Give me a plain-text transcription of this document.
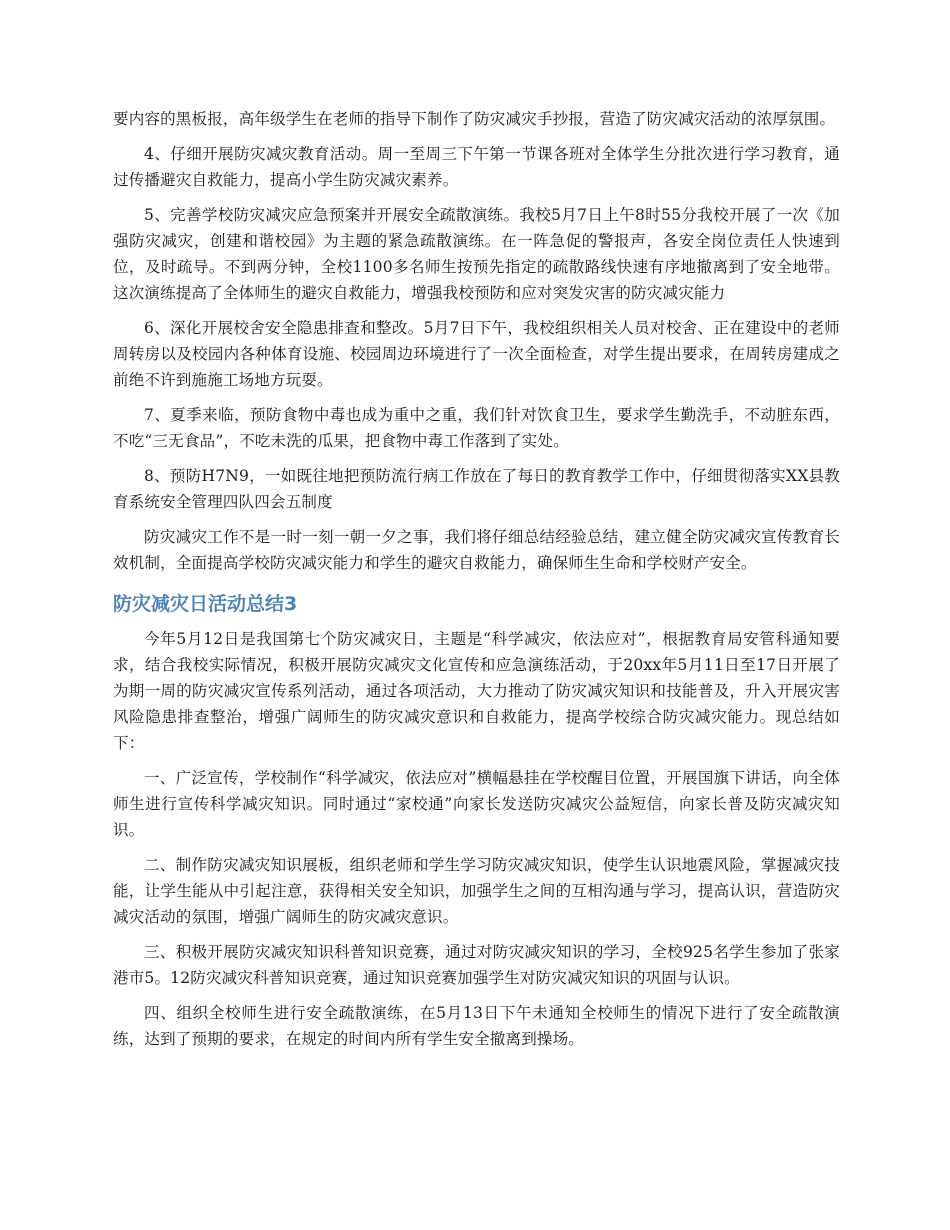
要内容的黑板报，高年级学生在老师的指导下制作了防灾减灾手抄报，营造了防灾减灾活动的浓厚氛围。

4、仔细开展防灾减灾教育活动。周一至周三下午第一节课各班对全体学生分批次进行学习教育，通过传播避灾自救能力，提高小学生防灾减灾素养。

5、完善学校防灾减灾应急预案并开展安全疏散演练。我校5月7日上午8时55分我校开展了一次《加强防灾减灾，创建和谐校园》为主题的紧急疏散演练。在一阵急促的警报声，各安全岗位责任人快速到位，及时疏导。不到两分钟，全校1100多名师生按预先指定的疏散路线快速有序地撤离到了安全地带。这次演练提高了全体师生的避灾自救能力，增强我校预防和应对突发灾害的防灾减灾能力

6、深化开展校舍安全隐患排查和整改。5月7日下午，我校组织相关人员对校舍、正在建设中的老师周转房以及校园内各种体育设施、校园周边环境进行了一次全面检查，对学生提出要求，在周转房建成之前绝不许到施施工场地方玩耍。

7、夏季来临，预防食物中毒也成为重中之重，我们针对饮食卫生，要求学生勤洗手，不动脏东西，不吃“三无食品”，不吃未洗的瓜果，把食物中毒工作落到了实处。

8、预防H7N9，一如既往地把预防流行病工作放在了每日的教育教学工作中，仔细贯彻落实XX县教育系统安全管理四队四会五制度

防灾减灾工作不是一时一刻一朝一夕之事，我们将仔细总结经验总结，建立健全防灾减灾宣传教育长效机制，全面提高学校防灾减灾能力和学生的避灾自救能力，确保师生生命和学校财产安全。

防灾减灾日活动总结3

今年5月12日是我国第七个防灾减灾日，主题是“科学减灾，依法应对”，根据教育局安管科通知要求，结合我校实际情况，积极开展防灾减灾文化宣传和应急演练活动，于20xx年5月11日至17日开展了为期一周的防灾减灾宣传系列活动，通过各项活动，大力推动了防灾减灾知识和技能普及，升入开展灾害风险隐患排查整治，增强广阔师生的防灾减灾意识和自救能力，提高学校综合防灾减灾能力。现总结如下：

一、广泛宣传，学校制作“科学减灾，依法应对”横幅悬挂在学校醒目位置，开展国旗下讲话，向全体师生进行宣传科学减灾知识。同时通过“家校通”向家长发送防灾减灾公益短信，向家长普及防灾减灾知识。

二、制作防灾减灾知识展板，组织老师和学生学习防灾减灾知识，使学生认识地震风险，掌握减灾技能，让学生能从中引起注意，获得相关安全知识，加强学生之间的互相沟通与学习，提高认识，营造防灾减灾活动的氛围，增强广阔师生的防灾减灾意识。

三、积极开展防灾减灾知识科普知识竞赛，通过对防灾减灾知识的学习，全校925名学生参加了张家港市5。12防灾减灾科普知识竞赛，通过知识竞赛加强学生对防灾减灾知识的巩固与认识。

四、组织全校师生进行安全疏散演练，在5月13日下午未通知全校师生的情况下进行了安全疏散演练，达到了预期的要求，在规定的时间内所有学生安全撤离到操场。
